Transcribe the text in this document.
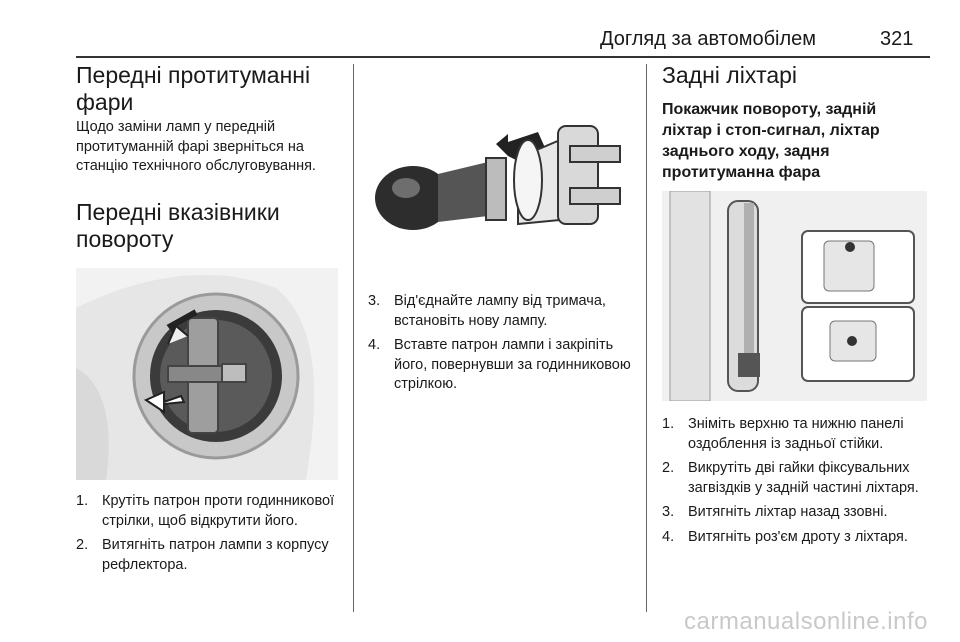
Догляд за автомобілем	321
Передні протитуманні фари

Щодо заміни ламп у передній протитуманній фарі зверніться на станцію технічного обслуговування.

Передні вказівники повороту
1. Крутіть патрон проти годинникової стрілки, щоб відкрутити його.
2. Витягніть патрон лампи з корпусу рефлектора.
3. Від'єднайте лампу від тримача, встановіть нову лампу.
4. Вставте патрон лампи і закріпіть його, повернувши за годинниковою стрілкою.
Задні ліхтарі
Покажчик повороту, задній ліхтар і стоп-сигнал, ліхтар заднього ходу, задня протитуманна фара
1. Зніміть верхню та нижню панелі оздоблення із задньої стійки.
2. Викрутіть дві гайки фіксувальних загвіздків у задній частині ліхтаря.
3. Витягніть ліхтар назад ззовні.
4. Витягніть роз'єм дроту з ліхтаря.
carmanualsonline.info
